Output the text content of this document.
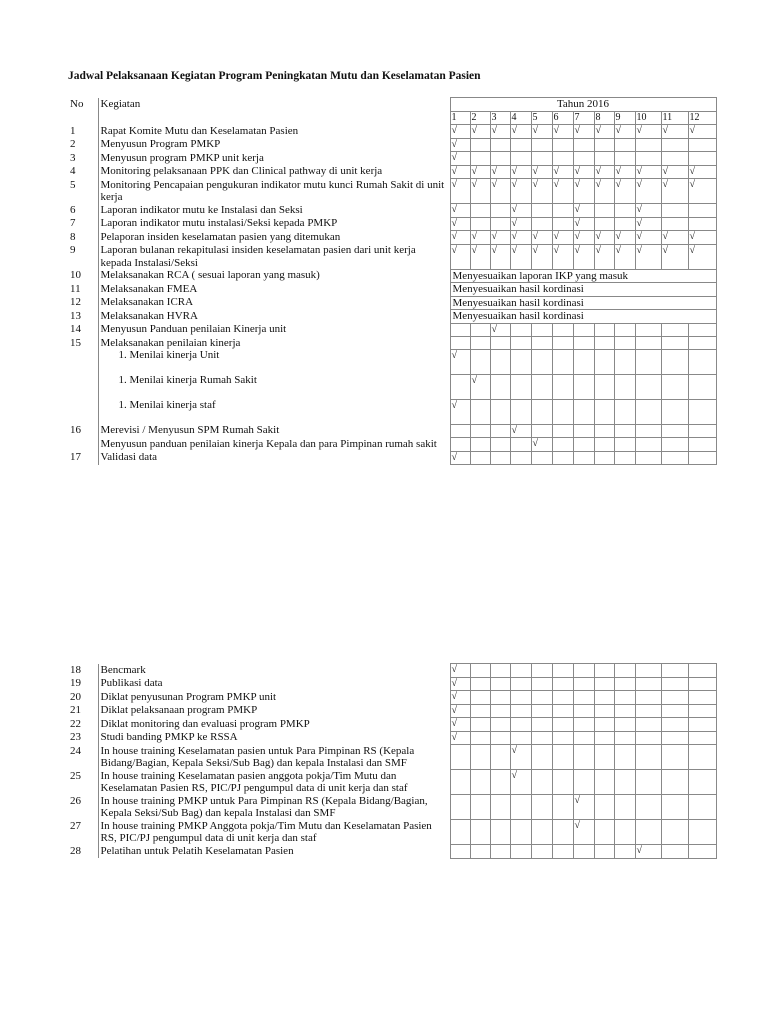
Jadwal Pelaksanaan Kegiatan Program Peningkatan Mutu dan Keselamatan Pasien
No	Kegiatan	Tahun 2016											
		1	2	3	4	5	6	7	8	9	10	11	12
1	Rapat Komite Mutu dan Keselamatan Pasien	√	√	√	√	√	√	√	√	√	√	√	√
2	Menyusun Program PMKP	√											
3	Menyusun program PMKP unit kerja	√											
4	Monitoring pelaksanaan PPK dan Clinical pathway di unit kerja	√	√	√	√	√	√	√	√	√	√	√	√
5	Monitoring Pencapaian pengukuran indikator mutu kunci Rumah Sakit di unit kerja	√	√	√	√	√	√	√	√	√	√	√	√
6	Laporan indikator mutu ke Instalasi dan Seksi	√			√			√			√		
7	Laporan indikator mutu instalasi/Seksi kepada PMKP	√			√			√			√		
8	Pelaporan insiden keselamatan pasien yang ditemukan	√	√	√	√	√	√	√	√	√	√	√	√
9	Laporan bulanan rekapitulasi insiden keselamatan pasien dari unit kerja kepada Instalasi/Seksi	√	√	√	√	√	√	√	√	√	√	√	√
10	Melaksanakan RCA ( sesuai laporan yang masuk)	Menyesuaikan laporan IKP yang masuk											
11	Melaksanakan FMEA	Menyesuaikan hasil kordinasi											
12	Melaksanakan ICRA	Menyesuaikan hasil kordinasi											
13	Melaksanakan HVRA	Menyesuaikan hasil kordinasi											
14	Menyusun Panduan penilaian Kinerja unit			√									
15	Melaksanakan penilaian kinerja												
	1. Menilai kinerja Unit	√											
	1. Menilai kinerja Rumah Sakit		√										
	1. Menilai kinerja staf	√											
16	Merevisi / Menyusun SPM Rumah Sakit				√								
	Menyusun panduan penilaian kinerja Kepala dan para Pimpinan rumah sakit					√							
17	Validasi data	√											
18	Bencmark	√											
19	Publikasi data	√											
20	Diklat penyusunan Program PMKP unit	√											
21	Diklat pelaksanaan program PMKP	√											
22	Diklat monitoring dan evaluasi program PMKP	√											
23	Studi banding PMKP ke RSSA	√											
24	In house training Keselamatan pasien untuk Para Pimpinan RS (Kepala Bidang/Bagian, Kepala Seksi/Sub Bag) dan kepala Instalasi dan SMF				√								
25	In house training Keselamatan pasien anggota pokja/Tim Mutu dan Keselamatan Pasien RS, PIC/PJ pengumpul data di unit kerja dan staf				√								
26	In house training PMKP untuk Para Pimpinan RS (Kepala Bidang/Bagian, Kepala Seksi/Sub Bag) dan kepala Instalasi dan SMF							√					
27	In house training PMKP Anggota pokja/Tim Mutu dan Keselamatan Pasien RS, PIC/PJ pengumpul data di unit kerja dan staf							√					
28	Pelatihan untuk Pelatih Keselamatan Pasien										√		
